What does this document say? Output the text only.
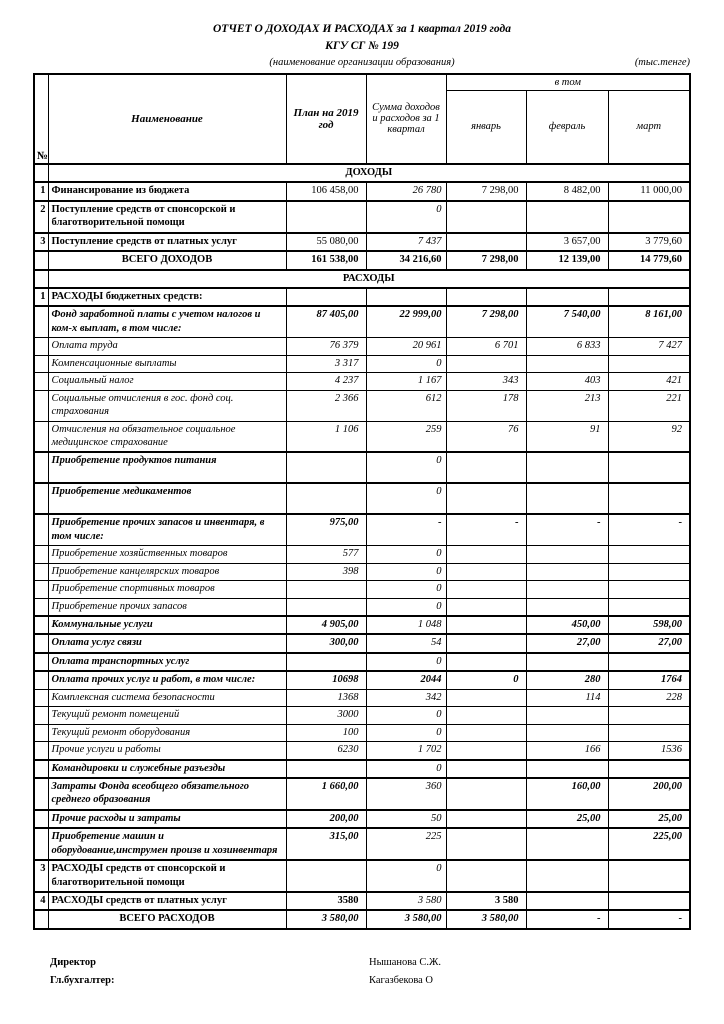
ОТЧЕТ О ДОХОДАХ И РАСХОДАХ за 1 квартал 2019 года
КГУ СГ № 199
(наименование организации образования)	(тыс.тенге)
№	Наименование	План на 2019 год	Сумма доходов и расходов за 1 квартал	в том		
				январь	февраль	март
	ДОХОДЫ					
1	Финансирование из бюджета	106 458,00	26 780	7 298,00	8 482,00	11 000,00
2	Поступление средств от спонсорской и благотворительной помощи		0			
3	Поступление средств от платных услуг	55 080,00	7 437		3 657,00	3 779,60
	ВСЕГО ДОХОДОВ	161 538,00	34 216,60	7 298,00	12 139,00	14 779,60
	РАСХОДЫ					
1	РАСХОДЫ бюджетных средств:					
	Фонд заработной платы с учетом налогов и ком-х выплат, в том числе:	87 405,00	22 999,00	7 298,00	7 540,00	8 161,00
	Оплата труда	76 379	20 961	6 701	6 833	7 427
	Компенсационные выплаты	3 317	0			
	Социальный налог	4 237	1 167	343	403	421
	Социальные отчисления в гос. фонд соц. страхования	2 366	612	178	213	221
	Отчисления на обязательное социальное медицинское страхование	1 106	259	76	91	92
	Приобретение продуктов питания		0			
	Приобретение медикаментов		0			
	Приобретение прочих запасов и инвентаря, в том числе:	975,00	-	-	-	-
	Приобретение хозяйственных товаров	577	0			
	Приобретение канцелярских товаров	398	0			
	Приобретение спортивных товаров		0			
	Приобретение прочих запасов		0			
	Коммунальные услуги	4 905,00	1 048		450,00	598,00
	Оплата услуг связи	300,00	54		27,00	27,00
	Оплата транспортных услуг		0			
	Оплата прочих услуг и работ, в том числе:	10698	2044	0	280	1764
	Комплексная система безопасности	1368	342		114	228
	Текущий ремонт помещений	3000	0			
	Текущий ремонт оборудования	100	0			
	Прочие услуги и работы	6230	1 702		166	1536
	Командировки и служебные разъезды		0			
	Затраты Фонда всеобщего обязательного среднего образования	1 660,00	360		160,00	200,00
	Прочие расходы и затраты	200,00	50		25,00	25,00
	Приобретение машин и оборудование,инструмен произв и хозинвентаря	315,00	225			225,00
3	РАСХОДЫ средств от спонсорской и благотворительной помощи		0			
4	РАСХОДЫ средств от платных услуг	3580	3 580	3 580		
	ВСЕГО РАСХОДОВ	3 580,00	3 580,00	3 580,00	-	-
Директор	Нышанова С.Ж.
Гл.бухгалтер:	Кагазбекова О
